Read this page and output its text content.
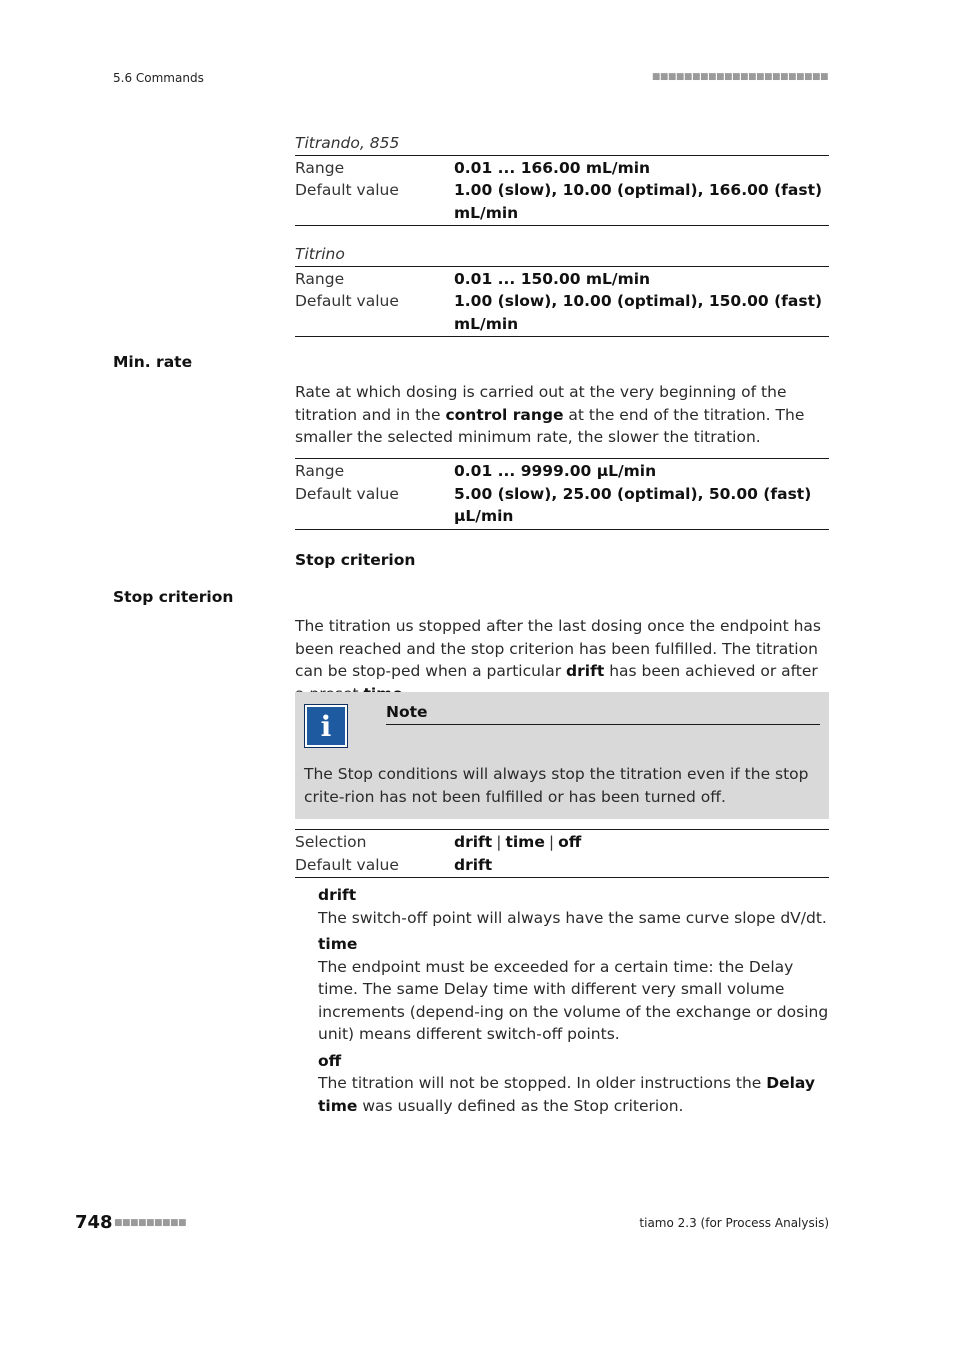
5.6 Commands	■■■■■■■■■■■■■■■■■■■■■■
Titrando, 855
Range	0.01 ... 166.00 mL/min
Default value	1.00 (slow), 10.00 (optimal), 166.00 (fast) mL/min
Titrino
Range	0.01 ... 150.00 mL/min
Default value	1.00 (slow), 10.00 (optimal), 150.00 (fast) mL/min
Min. rate
Rate at which dosing is carried out at the very beginning of the titration and in the control range at the end of the titration. The smaller the selected minimum rate, the slower the titration.
Range	0.01 ... 9999.00 µL/min
Default value	5.00 (slow), 25.00 (optimal), 50.00 (fast) µL/min
Stop criterion
Stop criterion
The titration us stopped after the last dosing once the endpoint has been reached and the stop criterion has been fulfilled. The titration can be stop-ped when a particular drift has been achieved or after
i	Note
The Stop conditions will always stop the titration even if the stop crite-rion has not been fulfilled or has been turned off.
Selection	drift | time | off
Default value	drift
drift
The switch-off point will always have the same curve slope dV/dt.
time
The endpoint must be exceeded for a certain time: the Delay time. The same Delay time with different very small volume increments (depend-ing on the volume of the exchange or dosing unit) means different switch-off points.
off
The titration will not be stopped. In older instructions the Delay time was usually defined as the Stop criterion.
748 ■■■■■■■■■	tiamo 2.3 (for Process Analysis)
